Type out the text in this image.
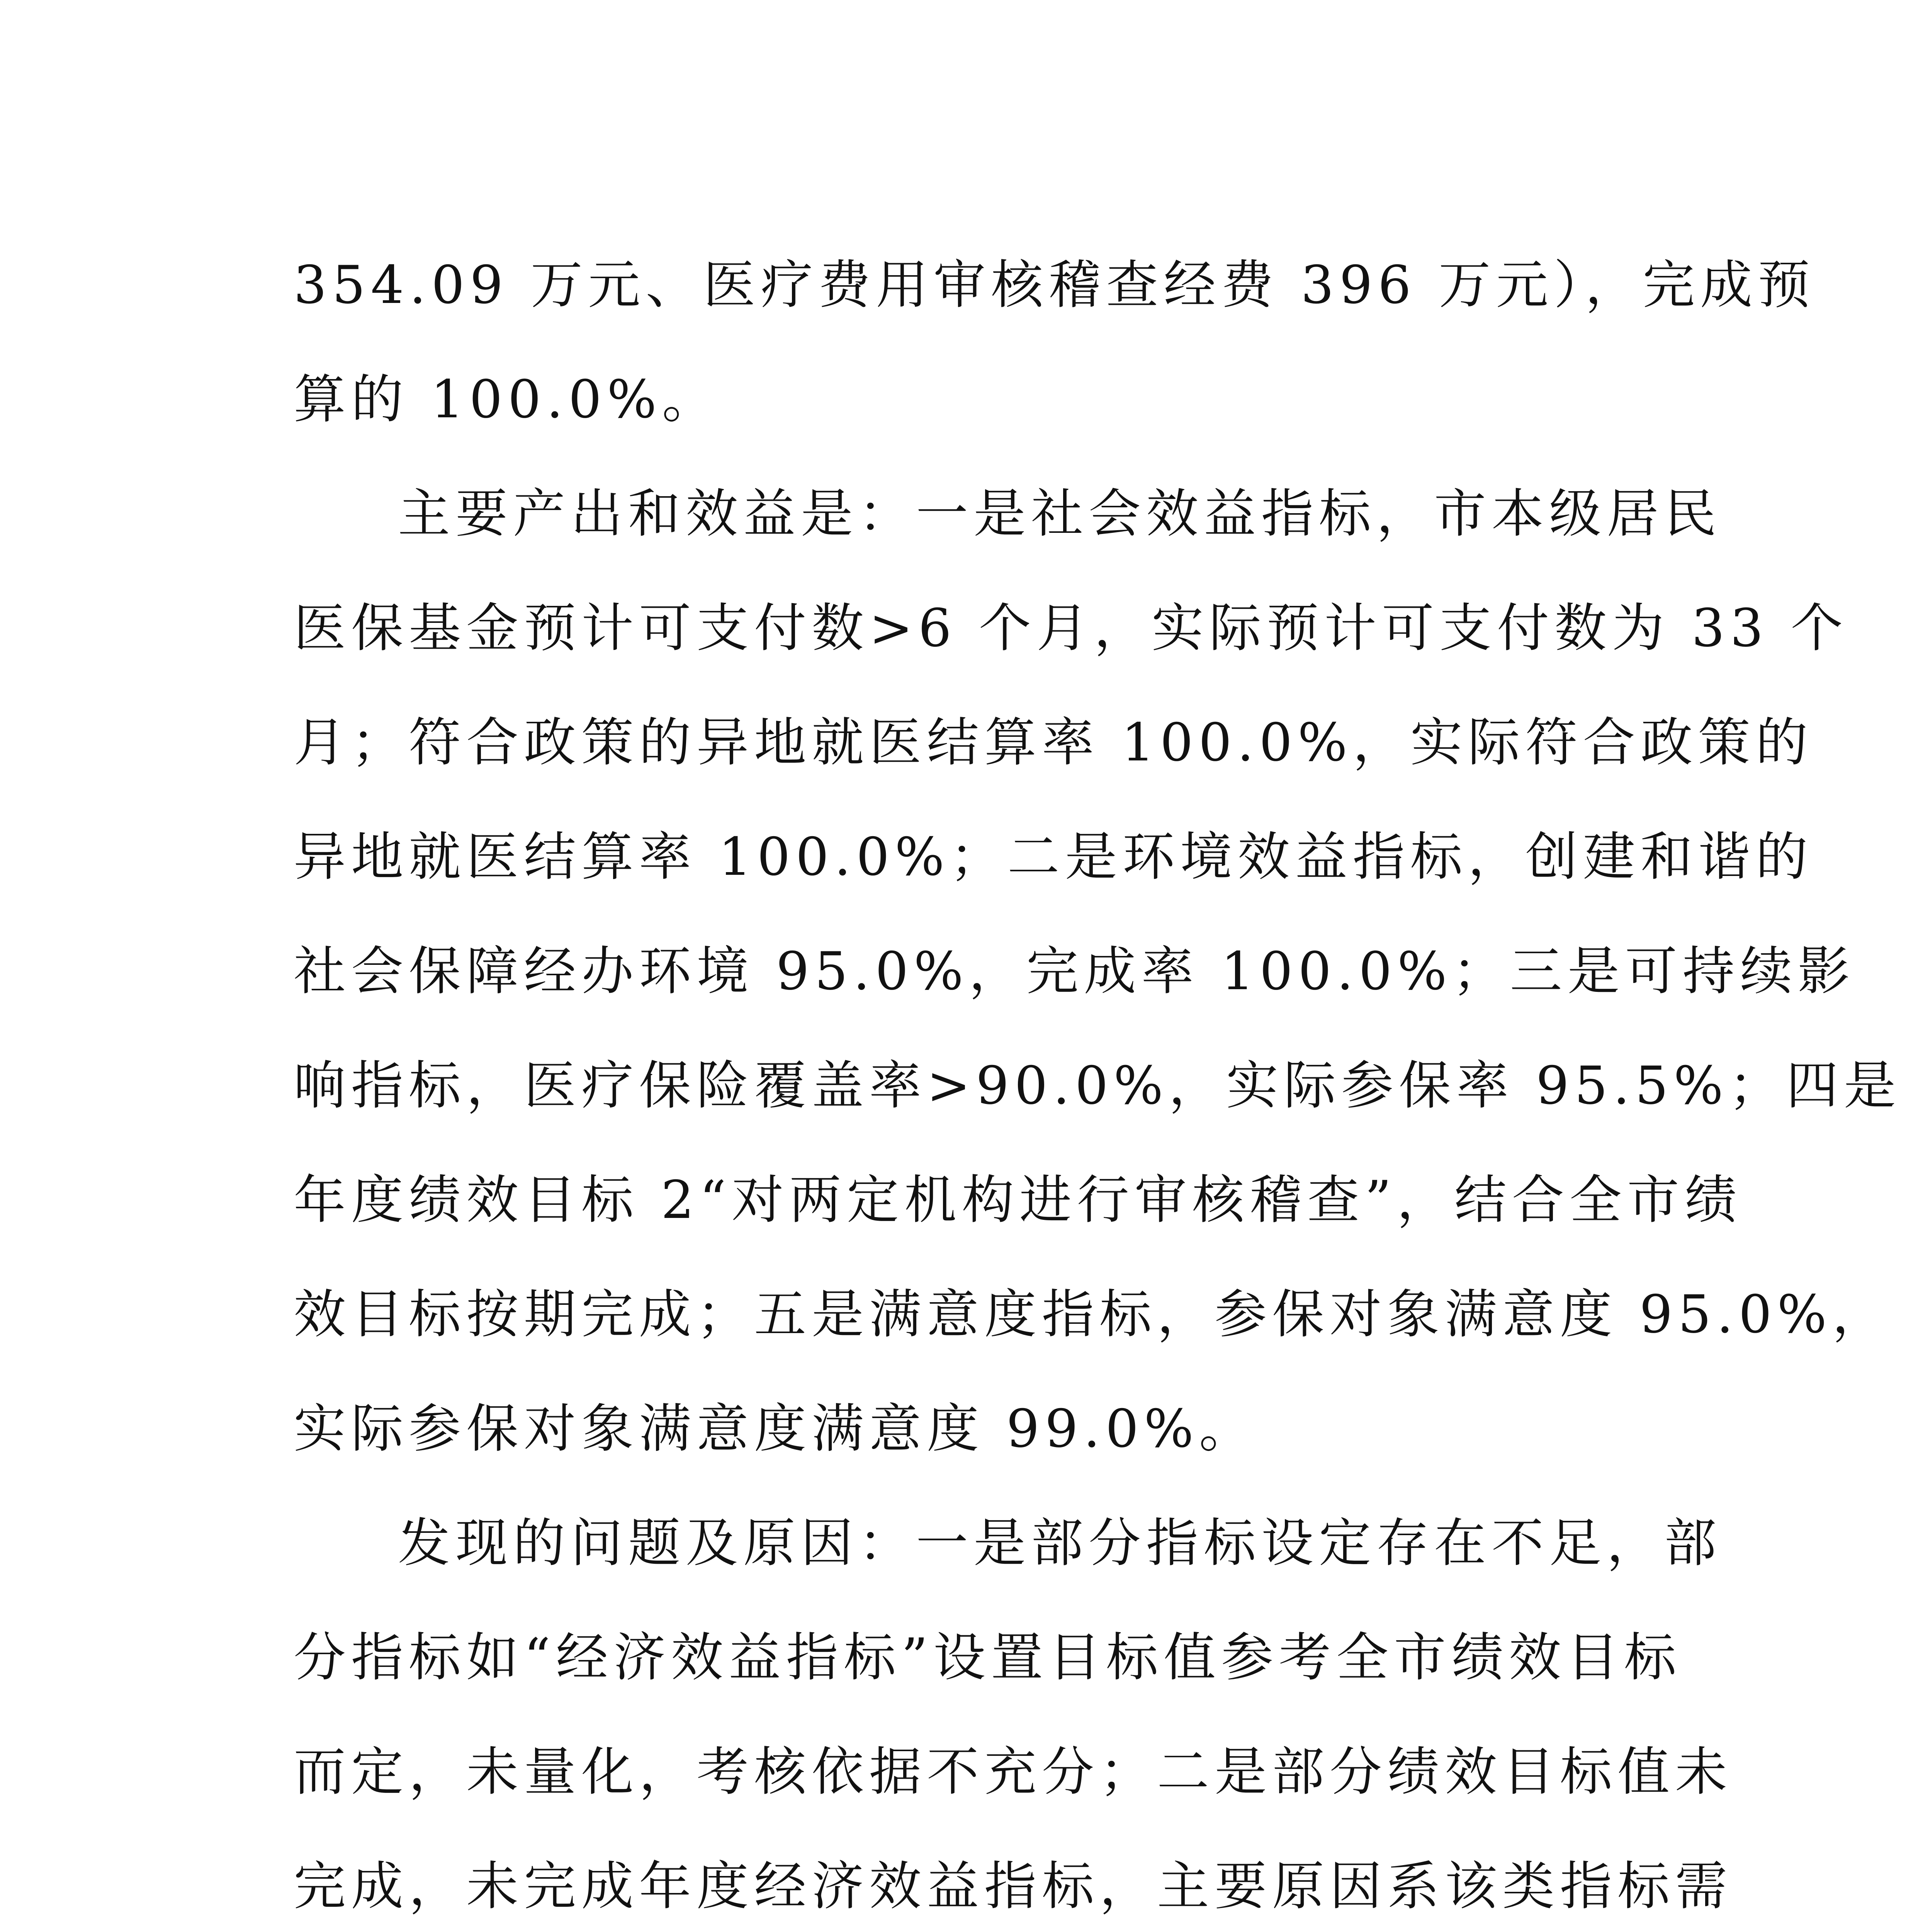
354.09 万元、医疗费用审核稽查经费 396 万元），完成预
算的 100.0%。
主要产出和效益是：一是社会效益指标，市本级居民
医保基金预计可支付数>6 个月，实际预计可支付数为 33 个
月；符合政策的异地就医结算率 100.0%，实际符合政策的
异地就医结算率 100.0%；二是环境效益指标，创建和谐的
社会保障经办环境 95.0%，完成率 100.0%；三是可持续影
响指标，医疗保险覆盖率>90.0%，实际参保率 95.5%；四是
年度绩效目标 2“对两定机构进行审核稽查”，结合全市绩
效目标按期完成；五是满意度指标，参保对象满意度 95.0%，
实际参保对象满意度满意度 99.0%。
发现的问题及原因：一是部分指标设定存在不足，部
分指标如“经济效益指标”设置目标值参考全市绩效目标
而定，未量化，考核依据不充分；二是部分绩效目标值未
完成，未完成年度经济效益指标，主要原因系该类指标需
